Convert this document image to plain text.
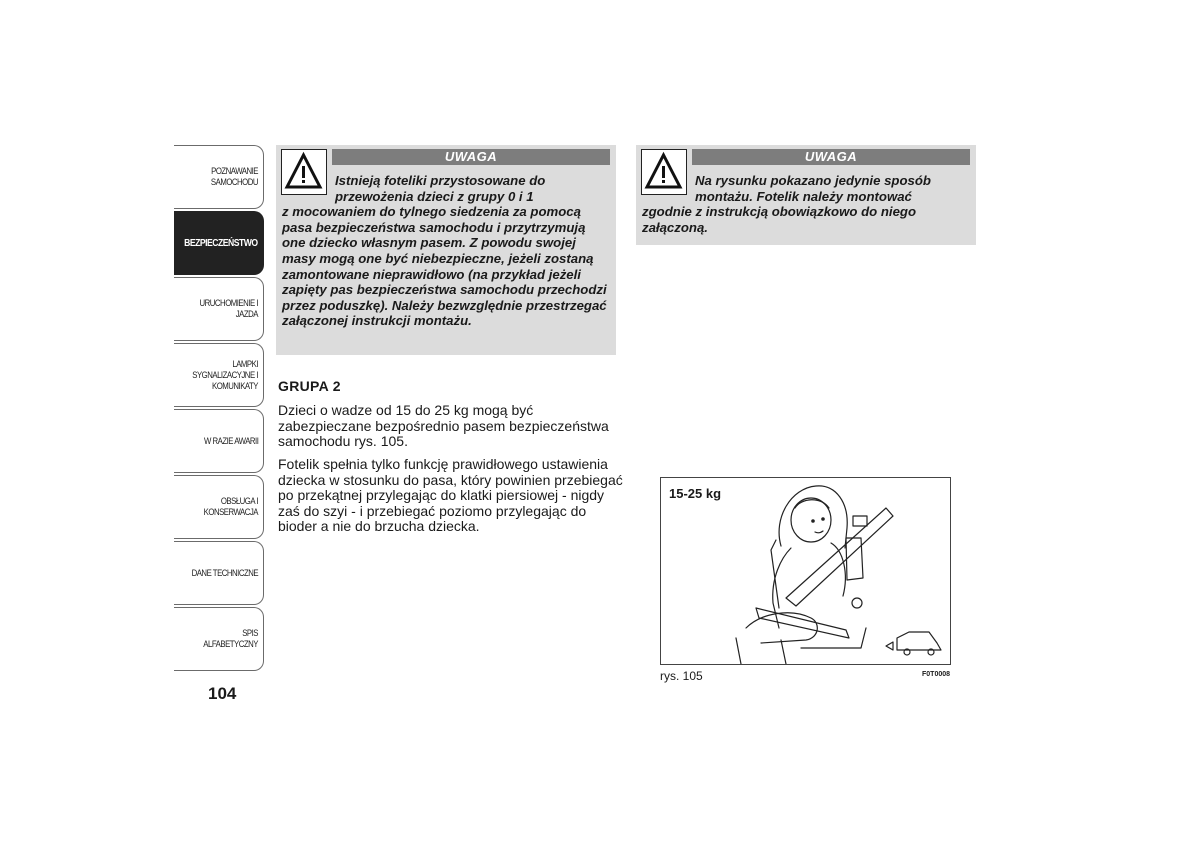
POZNAWANIE SAMOCHODU
BEZPIECZEŃSTWO
URUCHOMIENIE I JAZDA
LAMPKI SYGNALIZACYJNE I KOMUNIKATY
W RAZIE AWARII
OBSŁUGA I KONSERWACJA
DANE TECHNICZNE
SPIS ALFABETYCZNY
104
UWAGA
Istnieją foteliki przystosowane do przewożenia dzieci z grupy 0 i 1
z mocowaniem do tylnego siedzenia za pomocą pasa bezpieczeństwa samochodu i przytrzymują one dziecko własnym pasem. Z powodu swojej masy mogą one być niebezpieczne, jeżeli zostaną zamontowane nieprawidłowo (na przykład jeżeli zapięty pas bezpieczeństwa samochodu przechodzi przez poduszkę). Należy bezwzględnie przestrzegać załączonej instrukcji montażu.
UWAGA
Na rysunku pokazano jedynie sposób montażu. Fotelik należy montować
zgodnie z instrukcją obowiązkowo do niego załączoną.
GRUPA 2
Dzieci o wadze od 15 do 25 kg mogą być zabezpieczane bezpośrednio pasem bezpieczeństwa samochodu rys. 105.
Fotelik spełnia tylko funkcję prawidłowego ustawienia dziecka w stosunku do pasa, który powinien przebiegać po przekątnej przylegając do klatki piersiowej - nigdy zaś do szyi - i przebiegać poziomo przylegając do bioder a nie do brzucha dziecka.
15-25 kg
rys. 105	F0T0008
